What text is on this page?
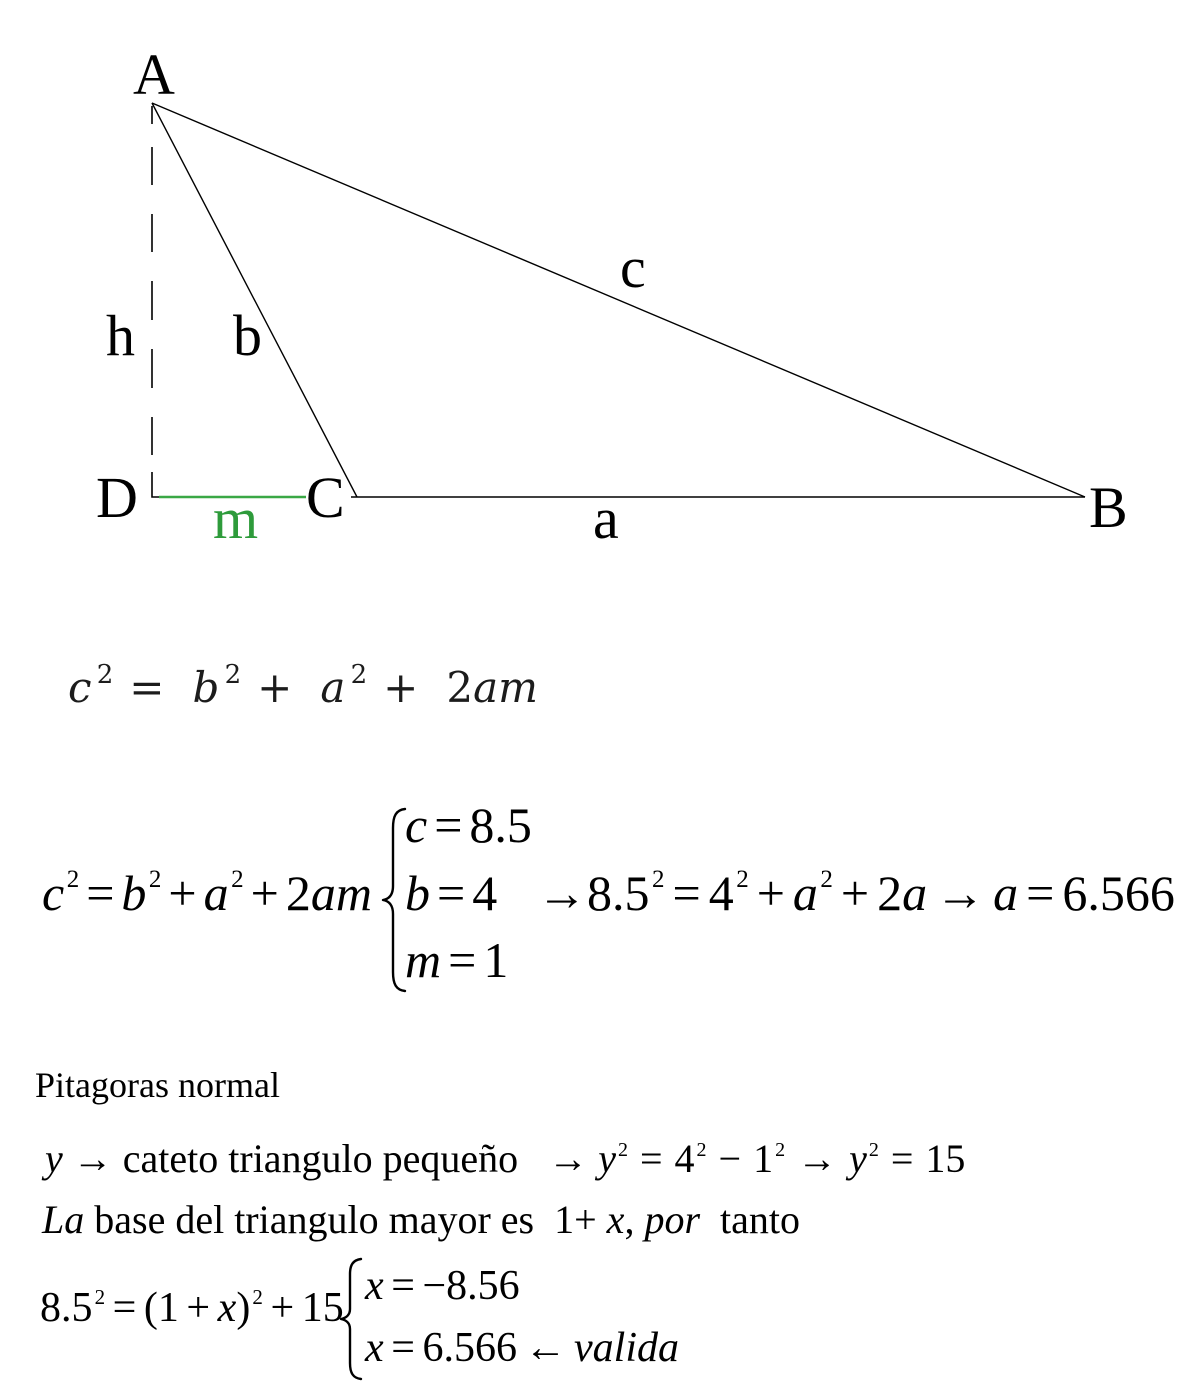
A
D	C	B
h b
c
a
m
c $^2$ = b $^2$ + a $^2$ + 2am
c $^2$ = b $^2$ + a $^2$ + 2am
c = 8.5
b = 4
m = 1
→8.5 $^2$ = 4 $^2$ + a $^2$ + 2a → a = 6.566
Pitagoras normal
y → cateto triangulo pequeño   → y $^2$ = 4 $^2$ − 1 $^2$ → y $^2$ = 15
La base del triangulo mayor es  1+ x, por  tanto
$8.5^2 = (1 + x)^2 + 15$ x = −8.56
x = 6.566 ← valida
